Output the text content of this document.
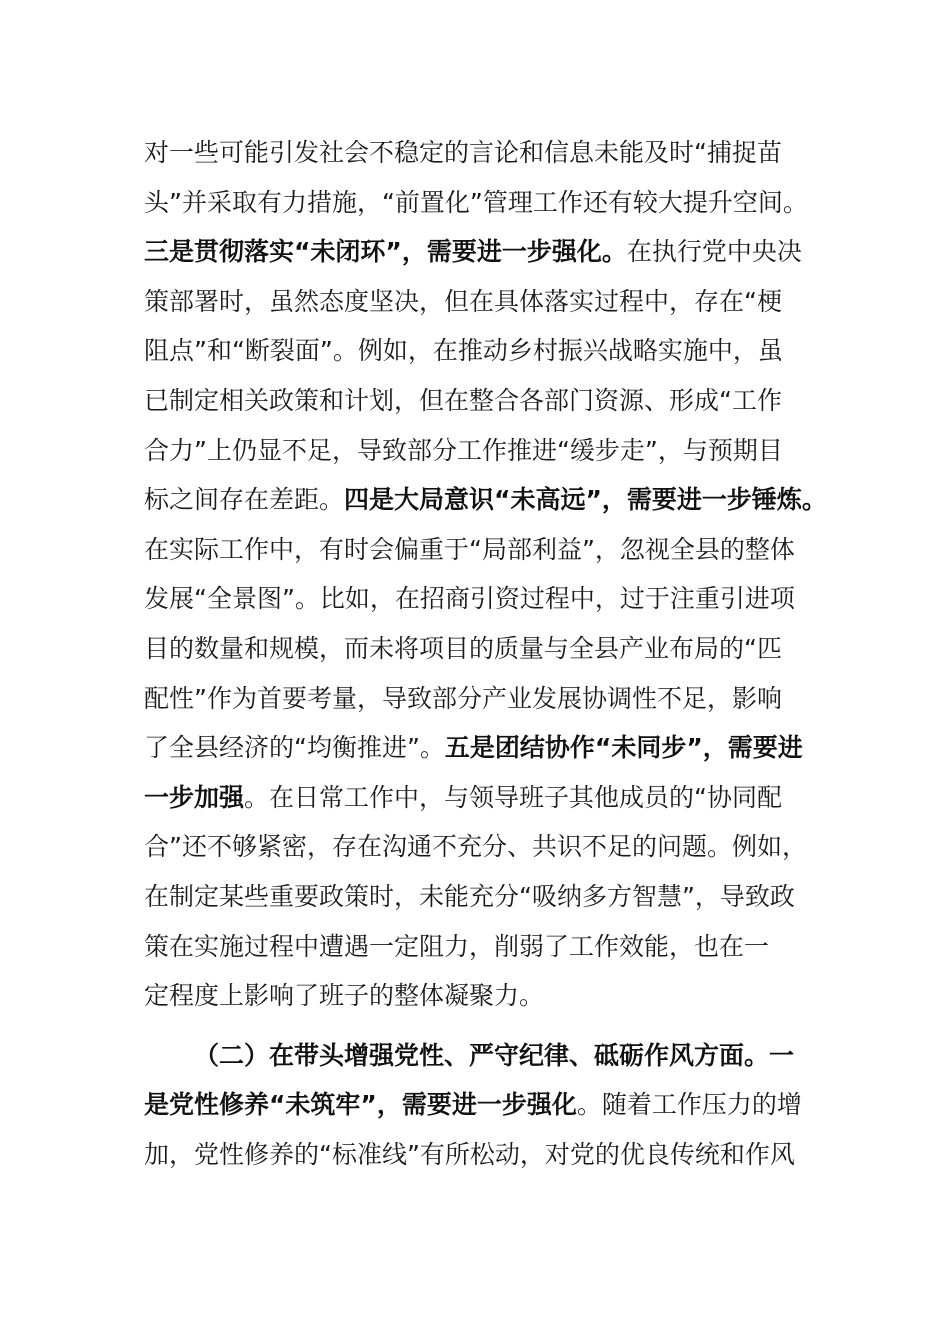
对一些可能引发社会不稳定的言论和信息未能及时“捕捉苗
头”并采取有力措施，“前置化”管理工作还有较大提升空间。
三是贯彻落实“未闭环”，需要进一步强化。在执行党中央决
策部署时，虽然态度坚决，但在具体落实过程中，存在“梗
阻点”和“断裂面”。例如，在推动乡村振兴战略实施中，虽
已制定相关政策和计划，但在整合各部门资源、形成“工作
合力”上仍显不足，导致部分工作推进“缓步走”，与预期目
标之间存在差距。四是大局意识“未高远”，需要进一步锤炼。
在实际工作中，有时会偏重于“局部利益”，忽视全县的整体
发展“全景图”。比如，在招商引资过程中，过于注重引进项
目的数量和规模，而未将项目的质量与全县产业布局的“匹
配性”作为首要考量，导致部分产业发展协调性不足，影响
了全县经济的“均衡推进”。五是团结协作“未同步”，需要进
一步加强。在日常工作中，与领导班子其他成员的“协同配
合”还不够紧密，存在沟通不充分、共识不足的问题。例如，
在制定某些重要政策时，未能充分“吸纳多方智慧”，导致政
策在实施过程中遭遇一定阻力，削弱了工作效能，也在一
定程度上影响了班子的整体凝聚力。
（二）在带头增强党性、严守纪律、砥砺作风方面。一
是党性修养“未筑牢”，需要进一步强化。随着工作压力的增
加，党性修养的“标准线”有所松动，对党的优良传统和作风
